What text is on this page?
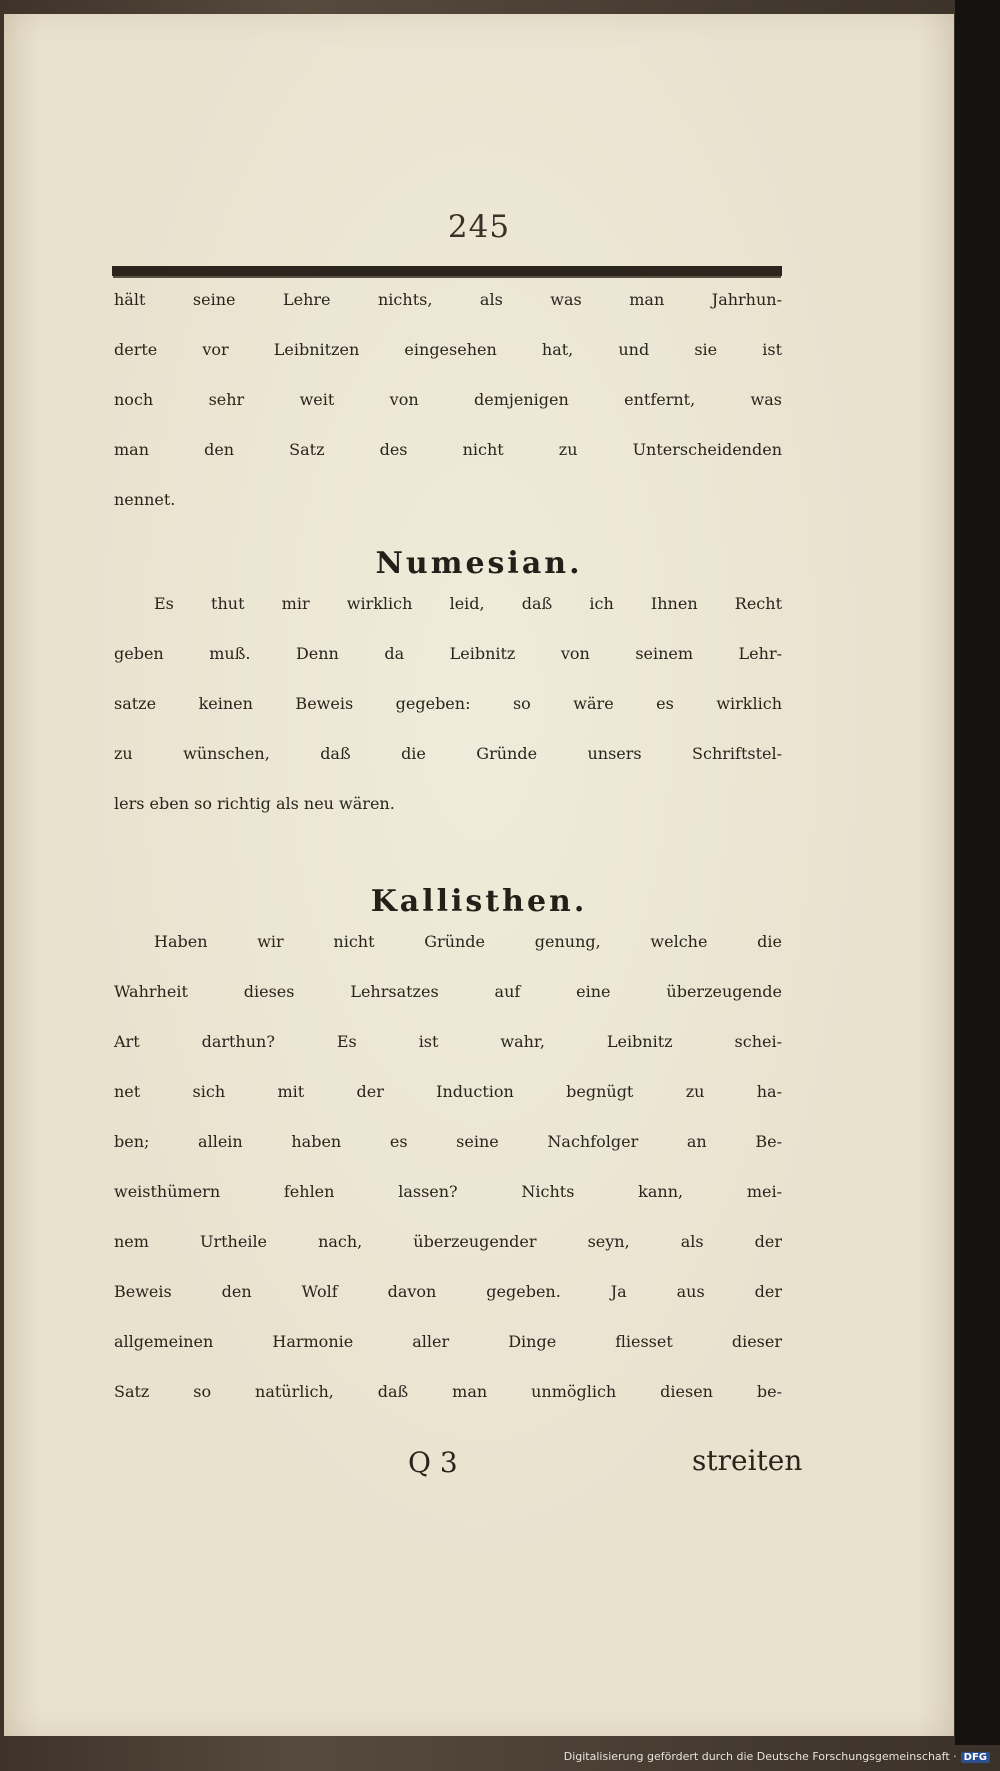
245
hält seine Lehre nichts, als was man Jahrhun-
derte vor Leibnitzen eingesehen hat, und sie ist
noch sehr weit von demjenigen entfernt, was
man den Satz des nicht zu Unterscheidenden
nennet.
Numesian.
Es thut mir wirklich leid, daß ich Ihnen Recht
geben muß. Denn da Leibnitz von seinem Lehr-
satze keinen Beweis gegeben: so wäre es wirklich
zu wünschen, daß die Gründe unsers Schriftstel-
lers eben so richtig als neu wären.
Kallisthen.
Haben wir nicht Gründe genung, welche die
Wahrheit dieses Lehrsatzes auf eine überzeugende
Art darthun? Es ist wahr, Leibnitz schei-
net sich mit der Induction begnügt zu ha-
ben; allein haben es seine Nachfolger an Be-
weisthümern fehlen lassen? Nichts kann, mei-
nem Urtheile nach, überzeugender seyn, als der
Beweis den Wolf davon gegeben. Ja aus der
allgemeinen Harmonie aller Dinge fliesset dieser
Satz so natürlich, daß man unmöglich diesen be-
Q 3	streiten
Digitalisierung gefördert durch die Deutsche Forschungsgemeinschaft · DFG
